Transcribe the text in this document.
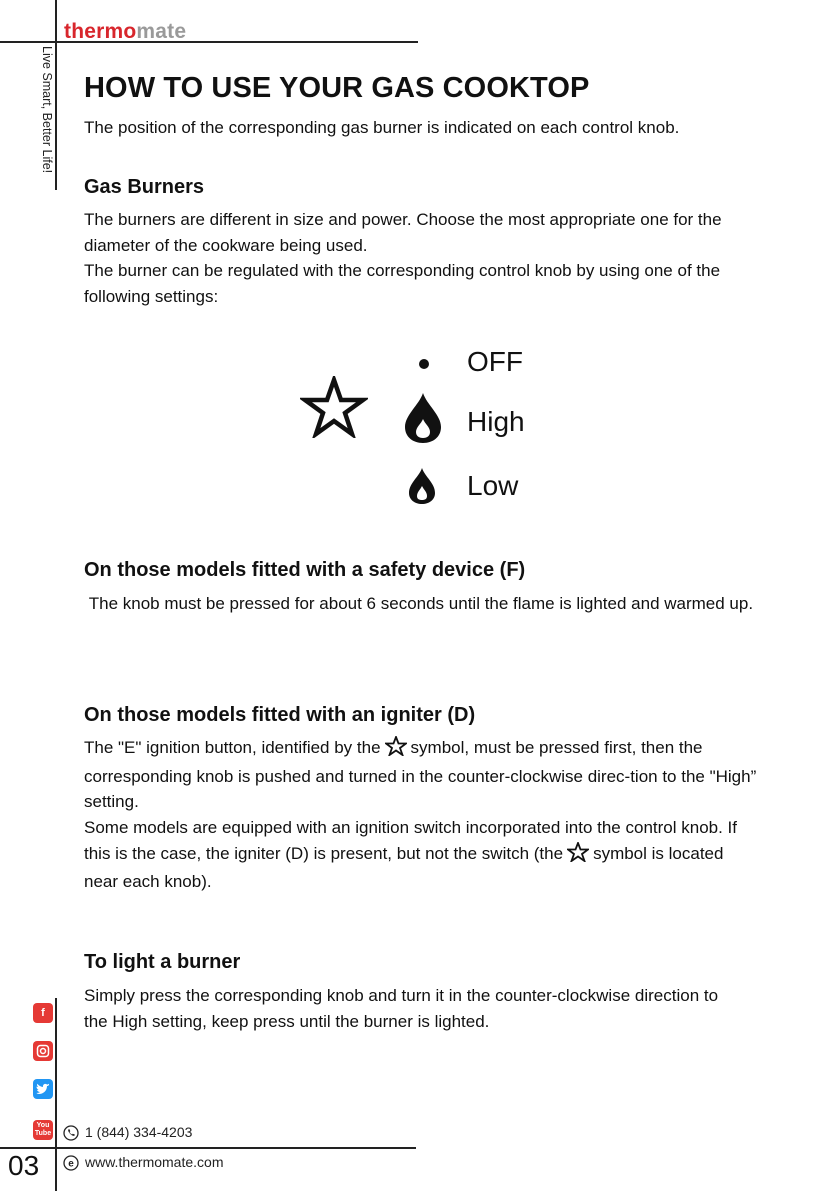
thermomate
Live Smart, Better Life! HOW TO USE YOUR GAS COOKTOP
The position of the corresponding gas burner is indicated on each control knob.
Gas Burners
The burners are different in size and power. Choose the most appropriate one for the diameter of the cookware being used.
The burner can be regulated with the corresponding control knob by using one of the following settings:
OFF
High
Low
On those models fitted with a safety device (F)
The knob must be pressed for about 6 seconds until the flame is lighted and warmed up.
On those models fitted with an igniter (D)
The "E" ignition button, identified by the symbol, must be pressed first, then the corresponding knob is pushed and turned in the counter-clockwise direc-tion to the "High” setting.
Some models are equipped with an ignition switch incorporated into the control knob. If this is the case, the igniter (D) is present, but not the switch (the symbol is located near each knob).
To light a burner
Simply press the corresponding knob and turn it in the counter-clockwise direction to the High setting, keep press until the burner is lighted.
f
You
Tube 1 (844) 334-4203
e www.thermomate.com
03
